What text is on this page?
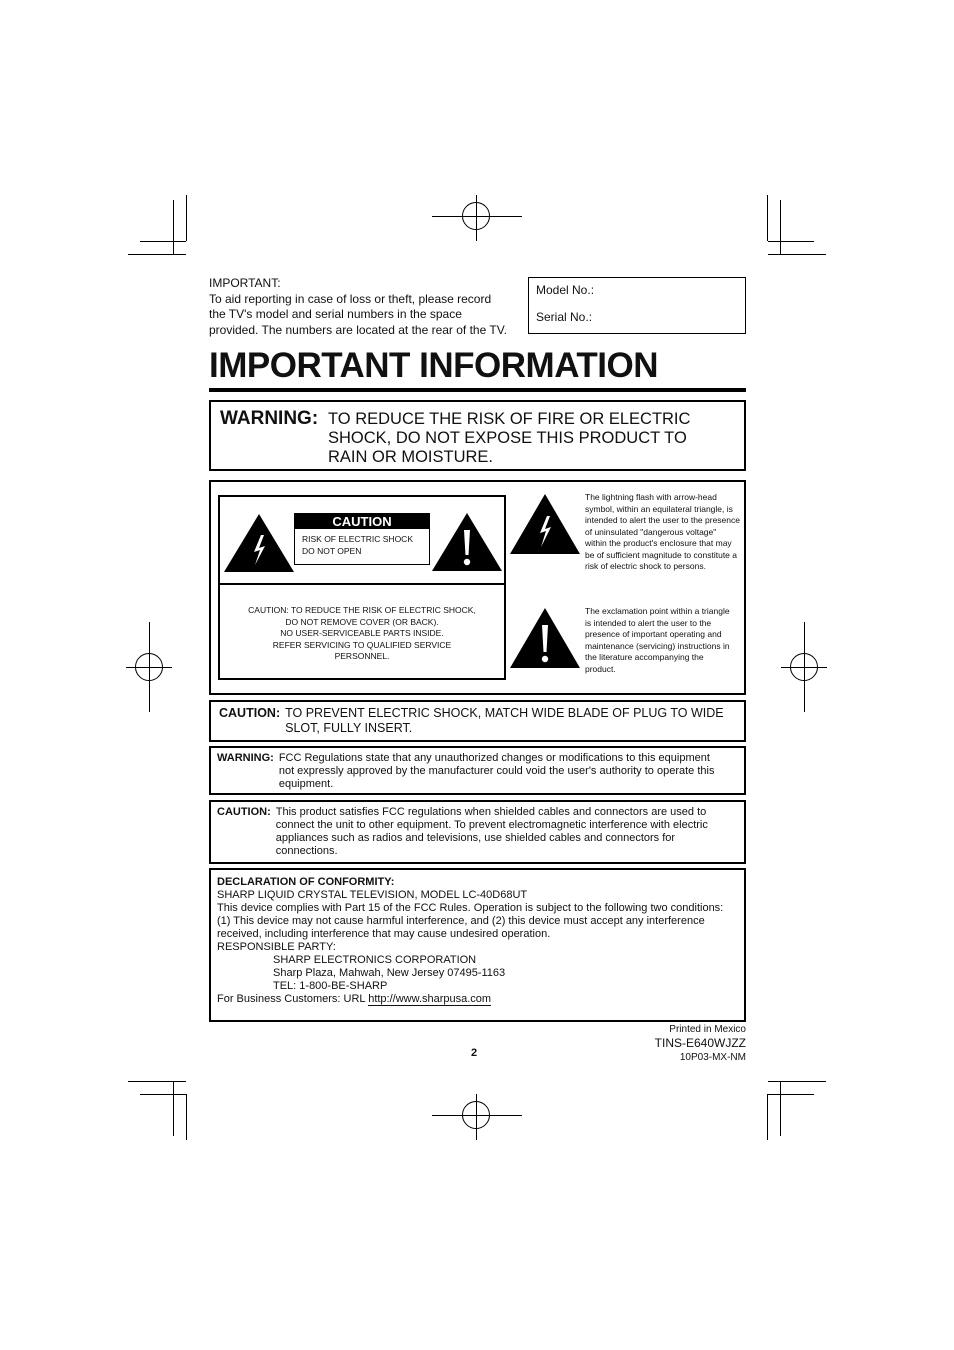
IMPORTANT:
To aid reporting in case of loss or theft, please record
the TV's model and serial numbers in the space
provided. The numbers are located at the rear of the TV.
Model No.:
Serial No.:
IMPORTANT INFORMATION
WARNING: TO REDUCE THE RISK OF FIRE OR ELECTRIC SHOCK, DO NOT EXPOSE THIS PRODUCT TO RAIN OR MOISTURE.
CAUTION
RISK OF ELECTRIC SHOCK
DO NOT OPEN
CAUTION: TO REDUCE THE RISK OF ELECTRIC SHOCK,
DO NOT REMOVE COVER (OR BACK).
NO USER-SERVICEABLE PARTS INSIDE.
REFER SERVICING TO QUALIFIED SERVICE
PERSONNEL.
The lightning flash with arrow-head symbol, within an equilateral triangle, is intended to alert the user to the presence of uninsulated "dangerous voltage" within the product's enclosure that may be of sufficient magnitude to constitute a risk of electric shock to persons.
The exclamation point within a triangle is intended to alert the user to the presence of important operating and maintenance (servicing) instructions in the literature accompanying the product.
CAUTION: TO PREVENT ELECTRIC SHOCK, MATCH WIDE BLADE OF PLUG TO WIDE SLOT, FULLY INSERT.
WARNING: FCC Regulations state that any unauthorized changes or modifications to this equipment not expressly approved by the manufacturer could void the user's authority to operate this equipment.
CAUTION: This product satisfies FCC regulations when shielded cables and connectors are used to connect the unit to other equipment. To prevent electromagnetic interference with electric appliances such as radios and televisions, use shielded cables and connectors for connections.
DECLARATION OF CONFORMITY:
SHARP LIQUID CRYSTAL TELEVISION, MODEL LC-40D68UT
This device complies with Part 15 of the FCC Rules. Operation is subject to the following two conditions:
(1) This device may not cause harmful interference, and (2) this device must accept any interference received, including interference that may cause undesired operation.
RESPONSIBLE PARTY:
SHARP ELECTRONICS CORPORATION
Sharp Plaza, Mahwah, New Jersey 07495-1163
TEL: 1-800-BE-SHARP
For Business Customers: URL http://www.sharpusa.com
2
Printed in Mexico
TINS-E640WJZZ
10P03-MX-NM
